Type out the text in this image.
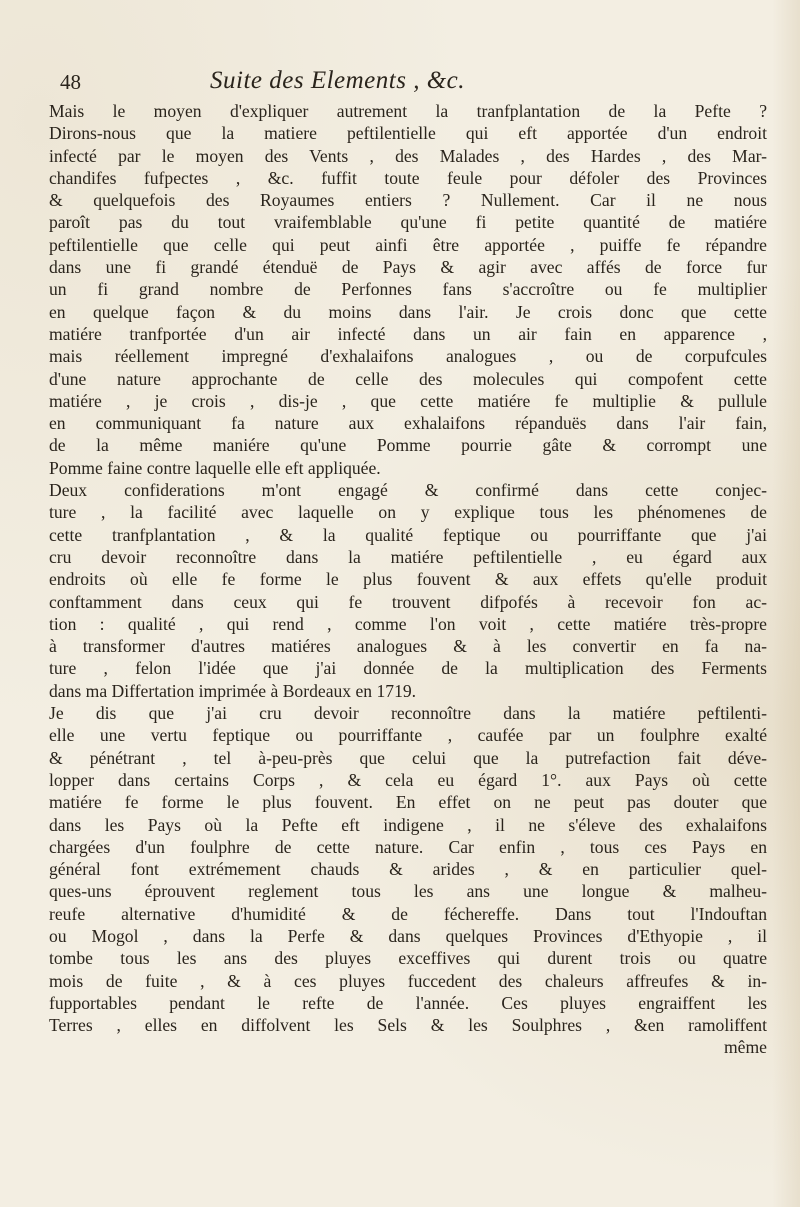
48	Suite des Elements , &c.
Mais le moyen d'expliquer autrement la tranfplantation de la Pefte ?
Dirons-nous que la matiere peftilentielle qui eft apportée d'un endroit
infecté par le moyen des Vents , des Malades , des Hardes , des Mar-
chandifes fufpectes , &c. fuffit toute feule pour défoler des Provinces
& quelquefois des Royaumes entiers ? Nullement. Car il ne nous
paroît pas du tout vraifemblable qu'une fi petite quantité de matiére
peftilentielle que celle qui peut ainfi être apportée , puiffe fe répandre
dans une fi grandé étenduë de Pays & agir avec affés de force fur
un fi grand nombre de Perfonnes fans s'accroître ou fe multiplier
en quelque façon & du moins dans l'air. Je crois donc que cette
matiére tranfportée d'un air infecté dans un air fain en apparence ,
mais réellement impregné d'exhalaifons analogues , ou de corpufcules
d'une nature approchante de celle des molecules qui compofent cette
matiére , je crois , dis-je , que cette matiére fe multiplie & pullule
en communiquant fa nature aux exhalaifons répanduës dans l'air fain,
de la même maniére qu'une Pomme pourrie gâte & corrompt une
Pomme faine contre laquelle elle eft appliquée.
Deux confiderations m'ont engagé & confirmé dans cette conjec-
ture , la facilité avec laquelle on y explique tous les phénomenes de
cette tranfplantation , & la qualité feptique ou pourriffante que j'ai
cru devoir reconnoître dans la matiére peftilentielle , eu égard aux
endroits où elle fe forme le plus fouvent & aux effets qu'elle produit
conftamment dans ceux qui fe trouvent difpofés à recevoir fon ac-
tion : qualité , qui rend , comme l'on voit , cette matiére très-propre
à transformer d'autres matiéres analogues & à les convertir en fa na-
ture , felon l'idée que j'ai donnée de la multiplication des Ferments
dans ma Differtation imprimée à Bordeaux en 1719.
Je dis que j'ai cru devoir reconnoître dans la matiére peftilenti-
elle une vertu feptique ou pourriffante , caufée par un foulphre exalté
& pénétrant , tel à-peu-près que celui que la putrefaction fait déve-
lopper dans certains Corps , & cela eu égard 1°. aux Pays où cette
matiére fe forme le plus fouvent. En effet on ne peut pas douter que
dans les Pays où la Pefte eft indigene , il ne s'éleve des exhalaifons
chargées d'un foulphre de cette nature. Car enfin , tous ces Pays en
général font extrémement chauds & arides , & en particulier quel-
ques-uns éprouvent reglement tous les ans une longue & malheu-
reufe alternative d'humidité & de féchereffe. Dans tout l'Indouftan
ou Mogol , dans la Perfe & dans quelques Provinces d'Ethyopie , il
tombe tous les ans des pluyes exceffives qui durent trois ou quatre
mois de fuite , & à ces pluyes fuccedent des chaleurs affreufes & in-
fupportables pendant le refte de l'année. Ces pluyes engraiffent les
Terres , elles en diffolvent les Sels & les Soulphres , &en ramoliffent
même
